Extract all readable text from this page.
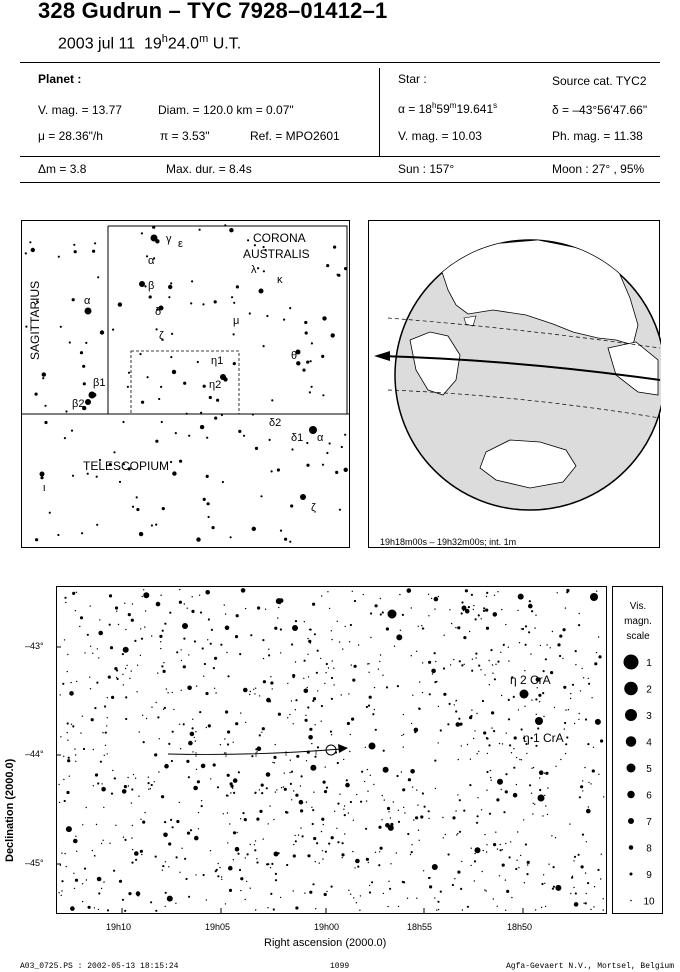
328 Gudrun – TYC 7928–01412–1
2003 jul 11 19$^h$24.0$^m$ U.T.
Planet :
V. mag. = 13.77	Diam. = 120.0 km = 0.07"
μ = 28.36"/h	π = 3.53"	Ref. = MPO2601
Δm = 3.8	Max. dur. = 8.4s
Star :	Source cat. TYC2
$\alpha = 18^h59^m19.641^s$	δ = –43°56'47.66"
V. mag. = 10.03	Ph. mag. = 11.38
Sun : 157°	Moon : 27° , 95%
SAGITTARIUS
CORONA
AUSTRALIS
TELESCOPIUM
γ ε
α
β
δ
λ
κ
μ
ζ
η1
η2
θ
α
β1
β2
δ2
δ1 α
ι
ζ
19h18m00s – 19h32m00s; int. 1m
Declination (2000.0)
Right ascension (2000.0)
–43°
–44°
–45°
19h10	19h05	19h00	18h55	18h50
η 2 CrA
η 1 CrA
Vis.
magn.
scale
1
2
3
4
5
6
7
8
9
10
A03_0725.PS : 2002-05-13 18:15:24	1099	Agfa-Gevaert N.V., Mortsel, Belgium
